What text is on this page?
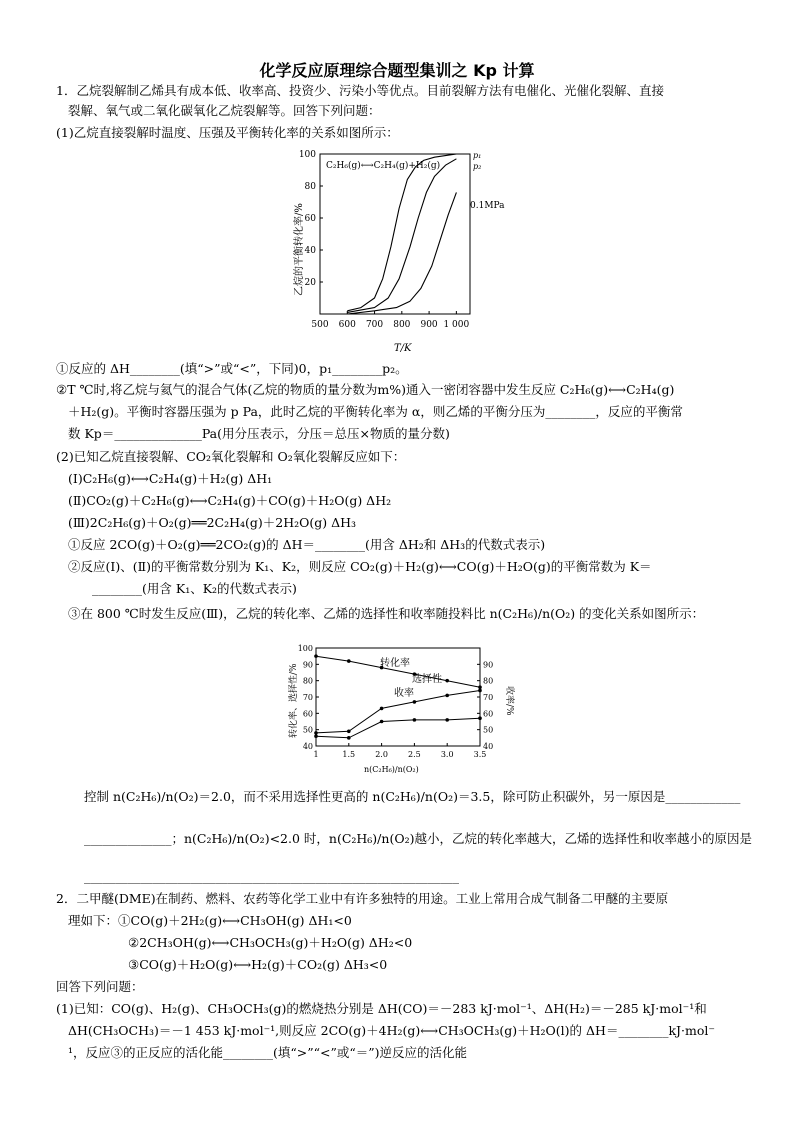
化学反应原理综合题型集训之 Kp 计算
1．乙烷裂解制乙烯具有成本低、收率高、投资少、污染小等优点。目前裂解方法有电催化、光催化裂解、直接
裂解、氧气或二氧化碳氧化乙烷裂解等。回答下列问题：
(1)乙烷直接裂解时温度、压强及平衡转化率的关系如图所示：
20
40
60
80
100
500 600 700 800 900 1 000
C₂H₆(g)⟷C₂H₄(g)+H₂(g)
p₁
p₂
0.1MPa
T/K
乙烷的平衡转化率/%
①反应的 ΔH________(填“>”或“<”，下同)0，p₁________p₂。
②T ℃时,将乙烷与氦气的混合气体(乙烷的物质的量分数为m%)通入一密闭容器中发生反应 C₂H₆(g)⟷C₂H₄(g)
＋H₂(g)。平衡时容器压强为 p Pa，此时乙烷的平衡转化率为 α，则乙烯的平衡分压为________，反应的平衡常
数 Kp＝______________Pa(用分压表示，分压＝总压×物质的量分数)
(2)已知乙烷直接裂解、CO₂氧化裂解和 O₂氧化裂解反应如下：
(Ⅰ)C₂H₆(g)⟷C₂H₄(g)＋H₂(g) ΔH₁
(Ⅱ)CO₂(g)＋C₂H₆(g)⟷C₂H₄(g)＋CO(g)＋H₂O(g) ΔH₂
(Ⅲ)2C₂H₆(g)＋O₂(g)══2C₂H₄(g)＋2H₂O(g) ΔH₃
①反应 2CO(g)＋O₂(g)══2CO₂(g)的 ΔH＝________(用含 ΔH₂和 ΔH₃的代数式表示)
②反应(Ⅰ)、(Ⅱ)的平衡常数分别为 K₁、K₂，则反应 CO₂(g)＋H₂(g)⟷CO(g)＋H₂O(g)的平衡常数为 K＝
________(用含 K₁、K₂的代数式表示)
③在 800 ℃时发生反应(Ⅲ)，乙烷的转化率、乙烯的选择性和收率随投料比 n(C₂H₆)/n(O₂) 的变化关系如图所示：
40
50
60
70
80
90
100
40
50
60
70
80
90
1	1.5	2.0	2.5	3.0	3.5
转化率
选择性
收率
n(C₂H₆)/n(O₂)
转化率、选择性/%	收率/%
控制 n(C₂H₆)/n(O₂)＝2.0，而不采用选择性更高的 n(C₂H₆)/n(O₂)＝3.5，除可防止积碳外，另一原因是____________
______________；n(C₂H₆)/n(O₂)<2.0 时，n(C₂H₆)/n(O₂)越小，乙烷的转化率越大，乙烯的选择性和收率越小的原因是
____________________________________________________________
2．二甲醚(DME)在制药、燃料、农药等化学工业中有许多独特的用途。工业上常用合成气制备二甲醚的主要原
理如下：①CO(g)＋2H₂(g)⟷CH₃OH(g) ΔH₁<0
②2CH₃OH(g)⟷CH₃OCH₃(g)＋H₂O(g) ΔH₂<0
③CO(g)＋H₂O(g)⟷H₂(g)＋CO₂(g) ΔH₃<0
回答下列问题：
(1)已知：CO(g)、H₂(g)、CH₃OCH₃(g)的燃烧热分别是 ΔH(CO)＝－283 kJ·mol⁻¹、ΔH(H₂)＝－285 kJ·mol⁻¹和
ΔH(CH₃OCH₃)＝－1 453 kJ·mol⁻¹,则反应 2CO(g)＋4H₂(g)⟷CH₃OCH₃(g)＋H₂O(l)的 ΔH＝________kJ·mol⁻
¹，反应③的正反应的活化能________(填“>”“<”或“＝”)逆反应的活化能
